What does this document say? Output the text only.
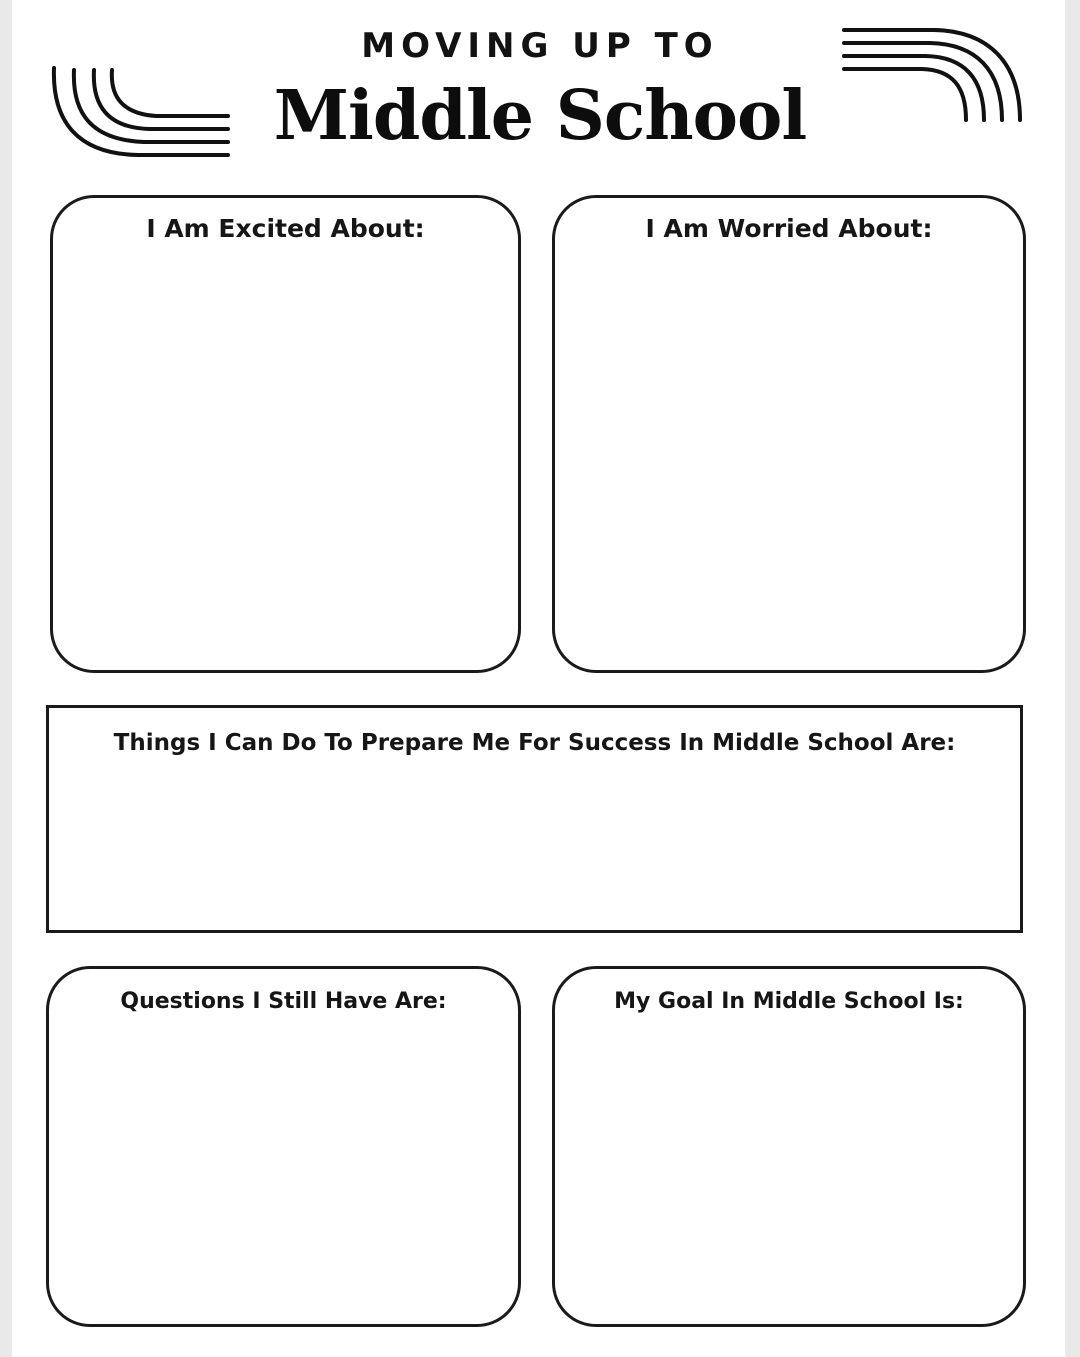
MOVING UP TO
Middle School
I Am Excited About:	I Am Worried About:
Things I Can Do To Prepare Me For Success In Middle School Are:
Questions I Still Have Are:	My Goal In Middle School Is:
